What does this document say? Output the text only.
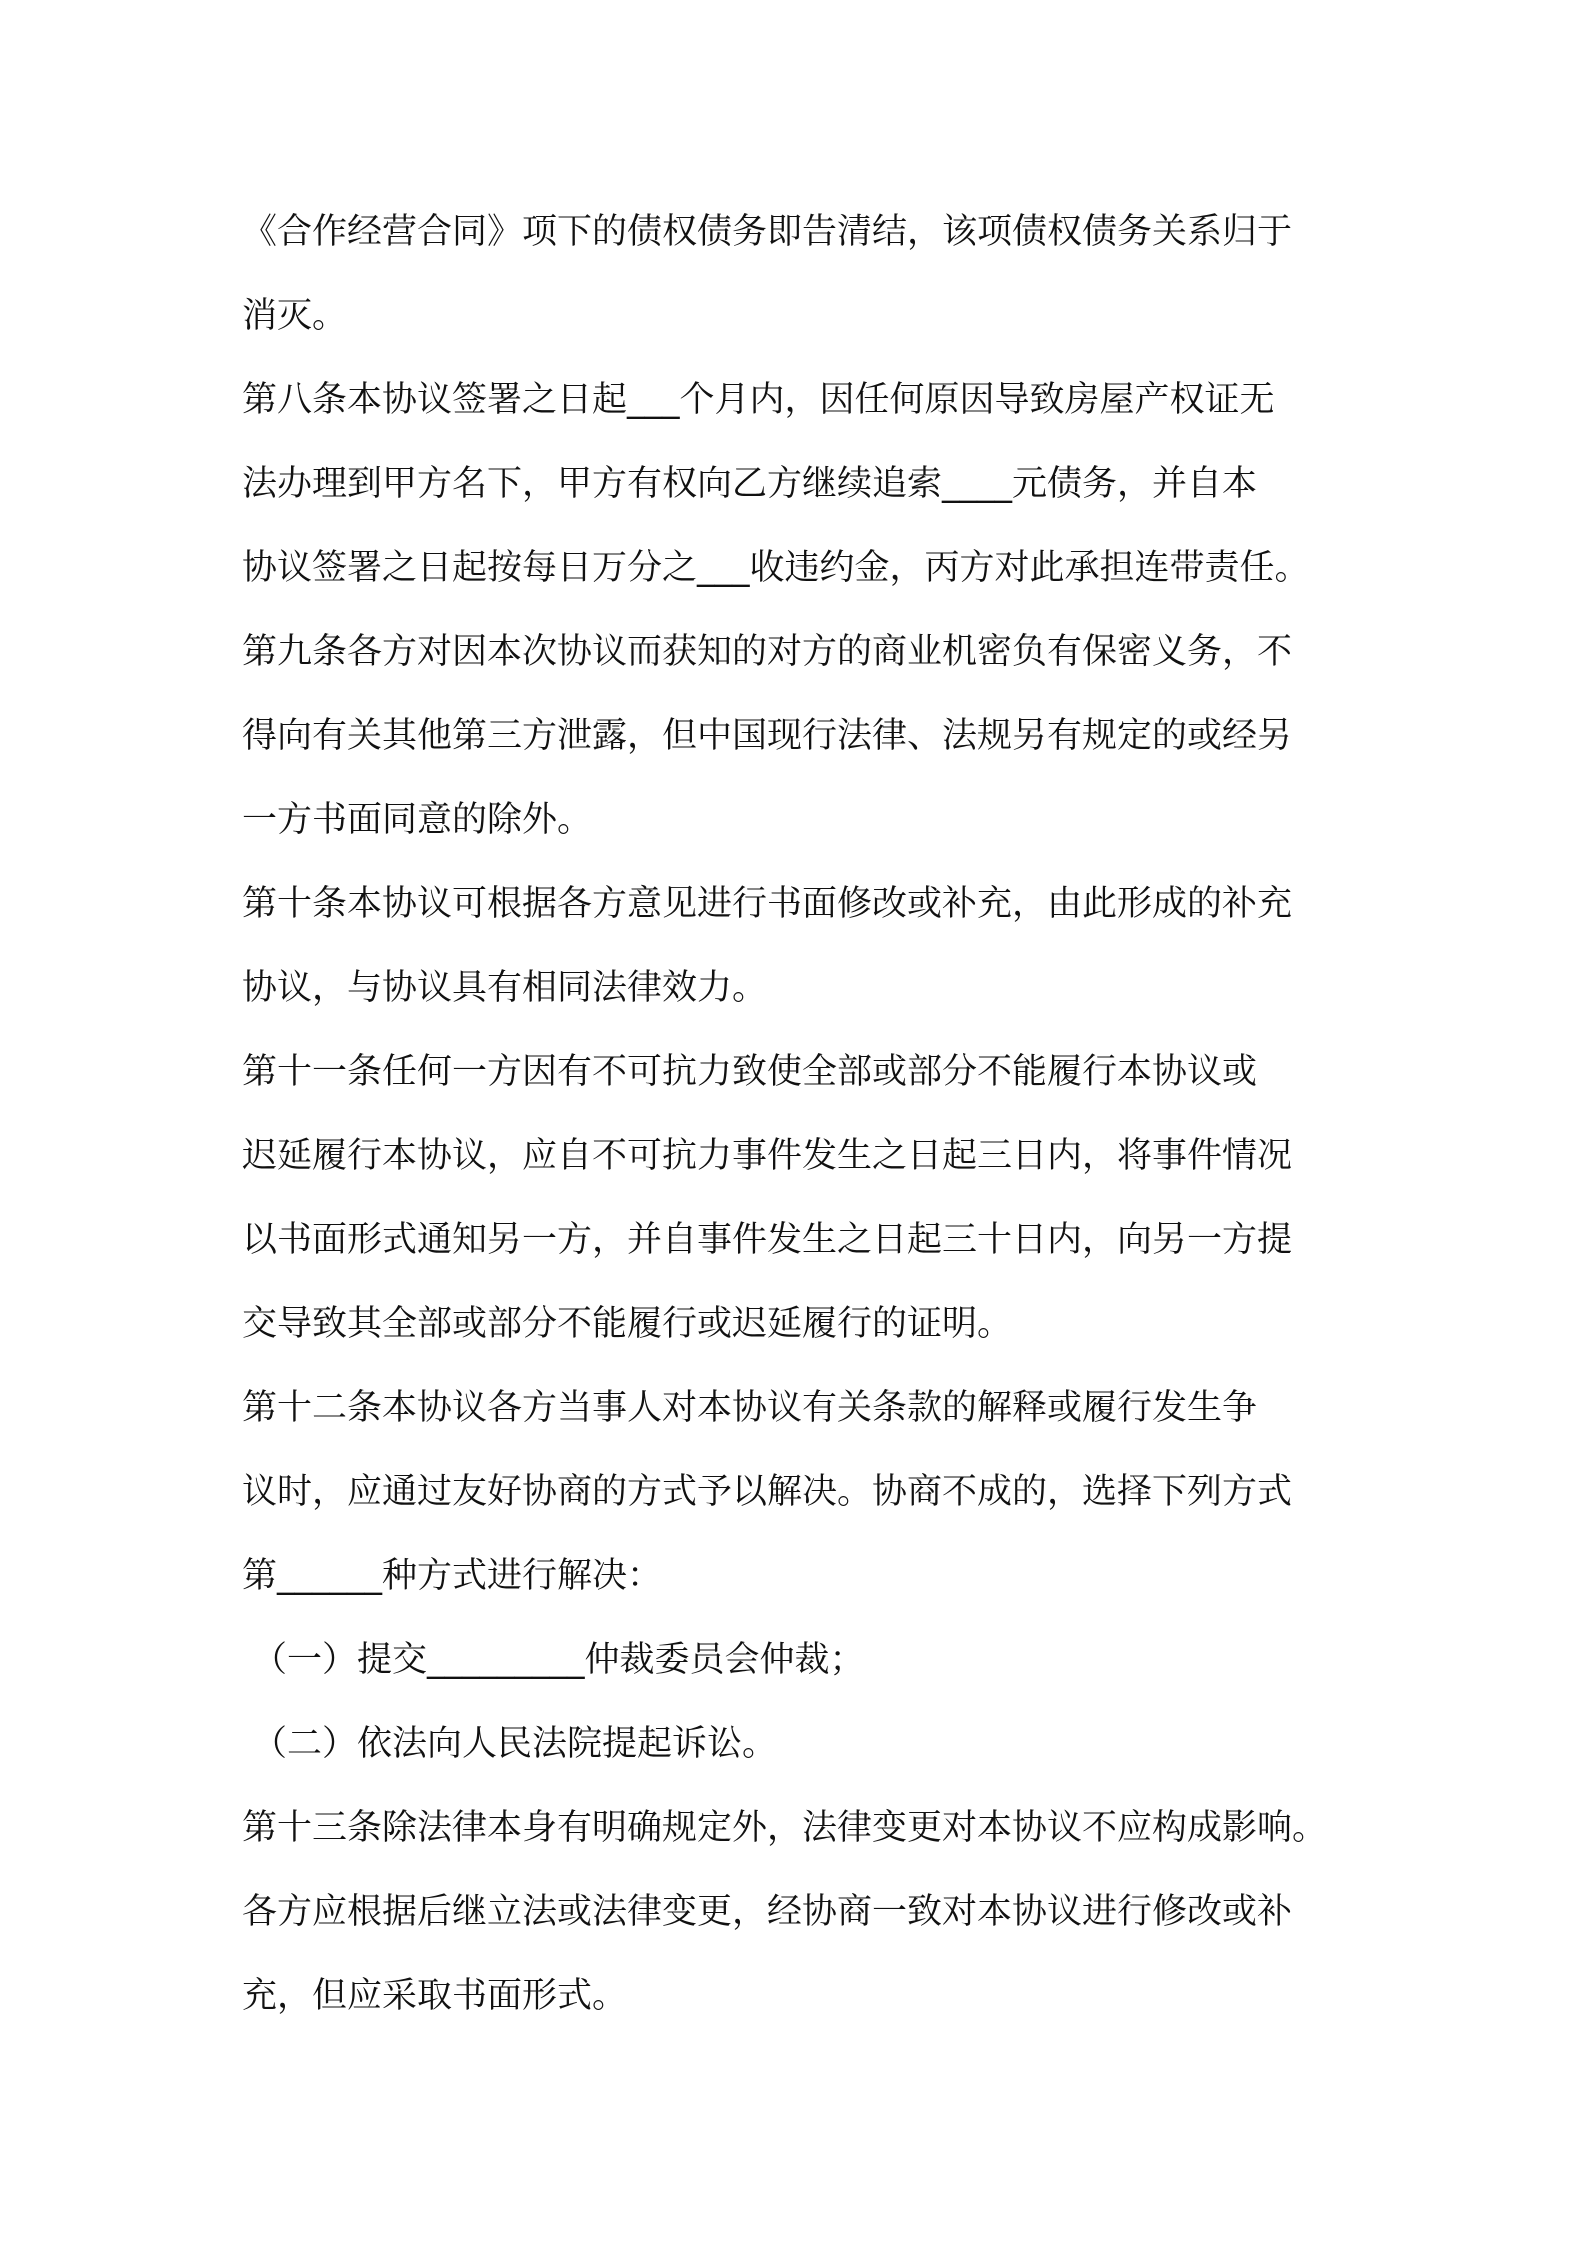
《合作经营合同》项下的债权债务即告清结，该项债权债务关系归于
消灭。
第八条本协议签署之日起___个月内，因任何原因导致房屋产权证无
法办理到甲方名下，甲方有权向乙方继续追索____元债务，并自本
协议签署之日起按每日万分之___收违约金，丙方对此承担连带责任。
第九条各方对因本次协议而获知的对方的商业机密负有保密义务，不
得向有关其他第三方泄露，但中国现行法律、法规另有规定的或经另
一方书面同意的除外。
第十条本协议可根据各方意见进行书面修改或补充，由此形成的补充
协议，与协议具有相同法律效力。
第十一条任何一方因有不可抗力致使全部或部分不能履行本协议或
迟延履行本协议，应自不可抗力事件发生之日起三日内，将事件情况
以书面形式通知另一方，并自事件发生之日起三十日内，向另一方提
交导致其全部或部分不能履行或迟延履行的证明。
第十二条本协议各方当事人对本协议有关条款的解释或履行发生争
议时，应通过友好协商的方式予以解决。协商不成的，选择下列方式
第______种方式进行解决：
（一）提交_________仲裁委员会仲裁；
（二）依法向人民法院提起诉讼。
第十三条除法律本身有明确规定外，法律变更对本协议不应构成影响。
各方应根据后继立法或法律变更，经协商一致对本协议进行修改或补
充，但应采取书面形式。
